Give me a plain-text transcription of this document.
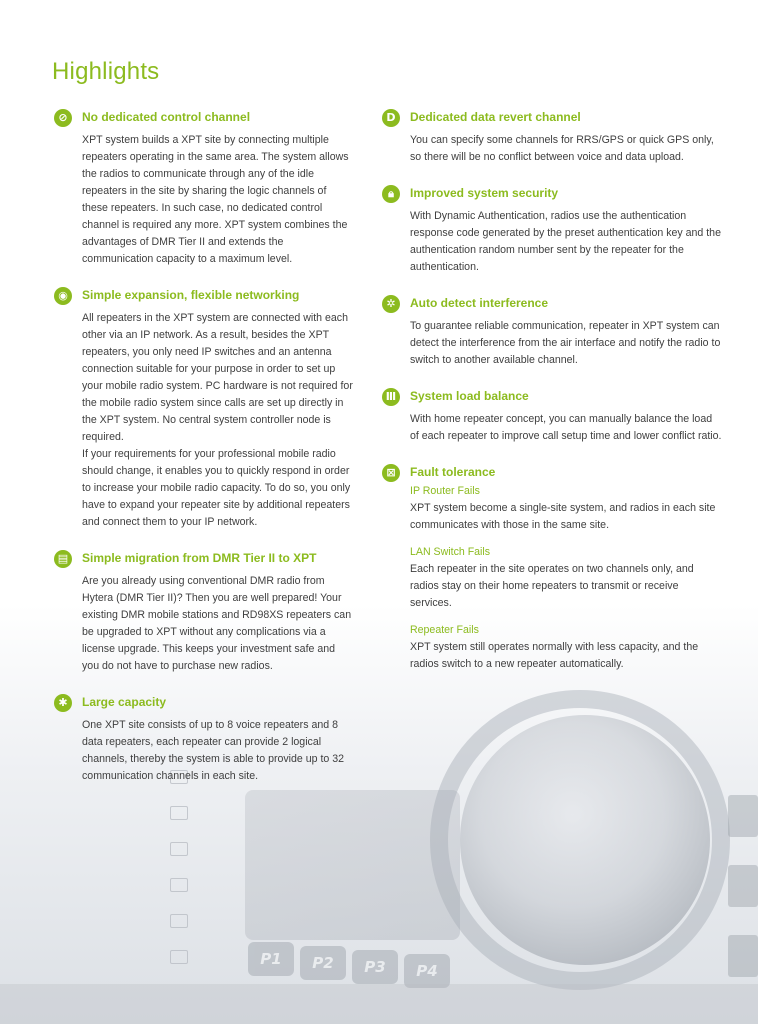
P1	P2	P3	P4
Highlights
⊘	No dedicated control channel

XPT system builds a XPT site by connecting multiple repeaters operating in the same area. The system allows the radios to communicate through any of the idle repeaters in the site by sharing the logic channels of these repeaters. In such case, no dedicated control channel is required any more. XPT system combines the advantages of DMR Tier II and extends the communication capacity to a maximum level.

◉	Simple expansion, flexible networking

All repeaters in the XPT system are connected with each other via an IP network. As a result, besides the XPT repeaters, you only need IP switches and an antenna connection suitable for your purpose in order to set up your mobile radio system. PC hardware is not required for the mobile radio system since calls are set up directly in the XPT system. No central system controller node is required.

If your requirements for your professional mobile radio should change, it enables you to quickly respond in order to increase your mobile radio capacity. To do so, you only have to expand your repeater site by additional repeaters and connect them to your IP network.

▤	Simple migration from DMR Tier II to XPT

Are you already using conventional DMR radio from Hytera (DMR Tier II)? Then you are well prepared! Your existing DMR mobile stations and RD98XS repeaters can be upgraded to XPT without any complications via a license upgrade. This keeps your investment safe and you do not have to purchase new radios.

✱	Large capacity

One XPT site consists of up to 8 voice repeaters and 8 data repeaters, each repeater can provide 2 logical channels, thereby the system is able to provide up to 32 communication channels in each site.

D	Dedicated data revert channel

You can specify some channels for RRS/GPS or quick GPS only, so there will be no conflict between voice and data upload.

🔒︎	Improved system security

With Dynamic Authentication, radios use the authentication response code generated by the preset authentication key and the authentication random number sent by the repeater for the authentication.

✲	Auto detect interference

To guarantee reliable communication, repeater in XPT system can detect the interference from the air interface and notify the radio to switch to another available channel.

Ⅲ	System load balance

With home repeater concept, you can manually balance the load of each repeater to improve call setup time and lower conflict ratio.

⊠	Fault tolerance
IP Router Fails

XPT system become a single-site system, and radios in each site communicates with those in the same site.

LAN Switch Fails

Each repeater in the site operates on two channels only, and radios stay on their home repeaters to transmit or receive services.

Repeater Fails

XPT system still operates normally with less capacity, and the radios switch to a new repeater automatically.
